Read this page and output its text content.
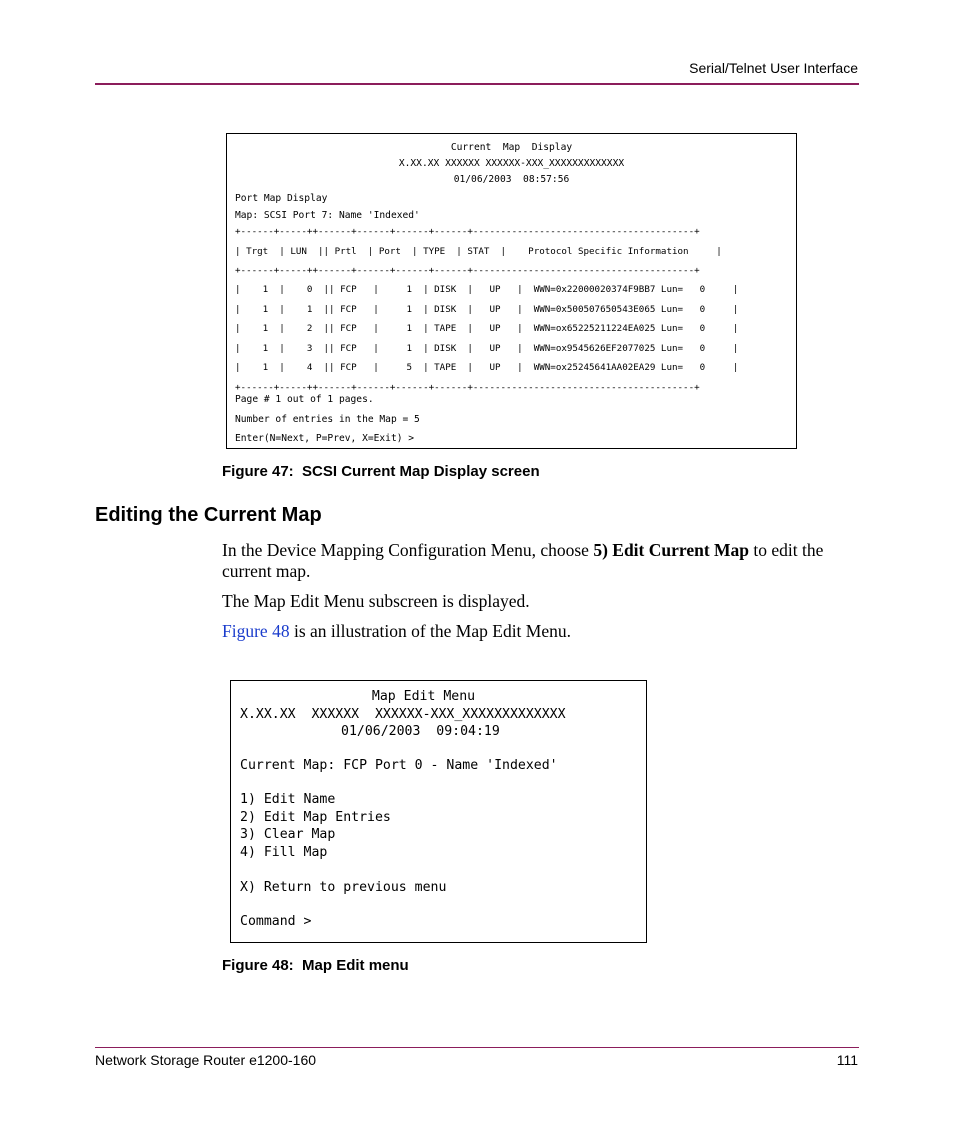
Serial/Telnet User Interface
Current  Map  Display
X.XX.XX XXXXXX XXXXXX-XXX_XXXXXXXXXXXXX
01/06/2003  08:57:56
Port Map Display
Map: SCSI Port 7: Name 'Indexed'
+------+-----++------+------+------+------+----------------------------------------+
| Trgt  | LUN  || Prtl  | Port  | TYPE  | STAT  |    Protocol Specific Information     |
+------+-----++------+------+------+------+----------------------------------------+
|    1  |    0  || FCP   |     1  | DISK  |   UP   |  WWN=0x22000020374F9BB7 Lun=   0     |
|    1  |    1  || FCP   |     1  | DISK  |   UP   |  WWN=0x500507650543E065 Lun=   0     |
|    1  |    2  || FCP   |     1  | TAPE  |   UP   |  WWN=ox65225211224EA025 Lun=   0     |
|    1  |    3  || FCP   |     1  | DISK  |   UP   |  WWN=ox9545626EF2077025 Lun=   0     |
|    1  |    4  || FCP   |     5  | TAPE  |   UP   |  WWN=ox25245641AA02EA29 Lun=   0     |
+------+-----++------+------+------+------+----------------------------------------+
Page # 1 out of 1 pages.
Number of entries in the Map = 5
Enter(N=Next, P=Prev, X=Exit) >
Figure 47: SCSI Current Map Display screen
Editing the Current Map
In the Device Mapping Configuration Menu, choose 5) Edit Current Map to edit the current map.
The Map Edit Menu subscreen is displayed.
Figure 48 is an illustration of the Map Edit Menu.
Map Edit Menu
X.XX.XX  XXXXXX  XXXXXX-XXX_XXXXXXXXXXXXX
01/06/2003  09:04:19
Current Map: FCP Port 0 - Name 'Indexed'
1) Edit Name
2) Edit Map Entries
3) Clear Map
4) Fill Map
X) Return to previous menu
Command >
Figure 48: Map Edit menu
Network Storage Router e1200-160	111
